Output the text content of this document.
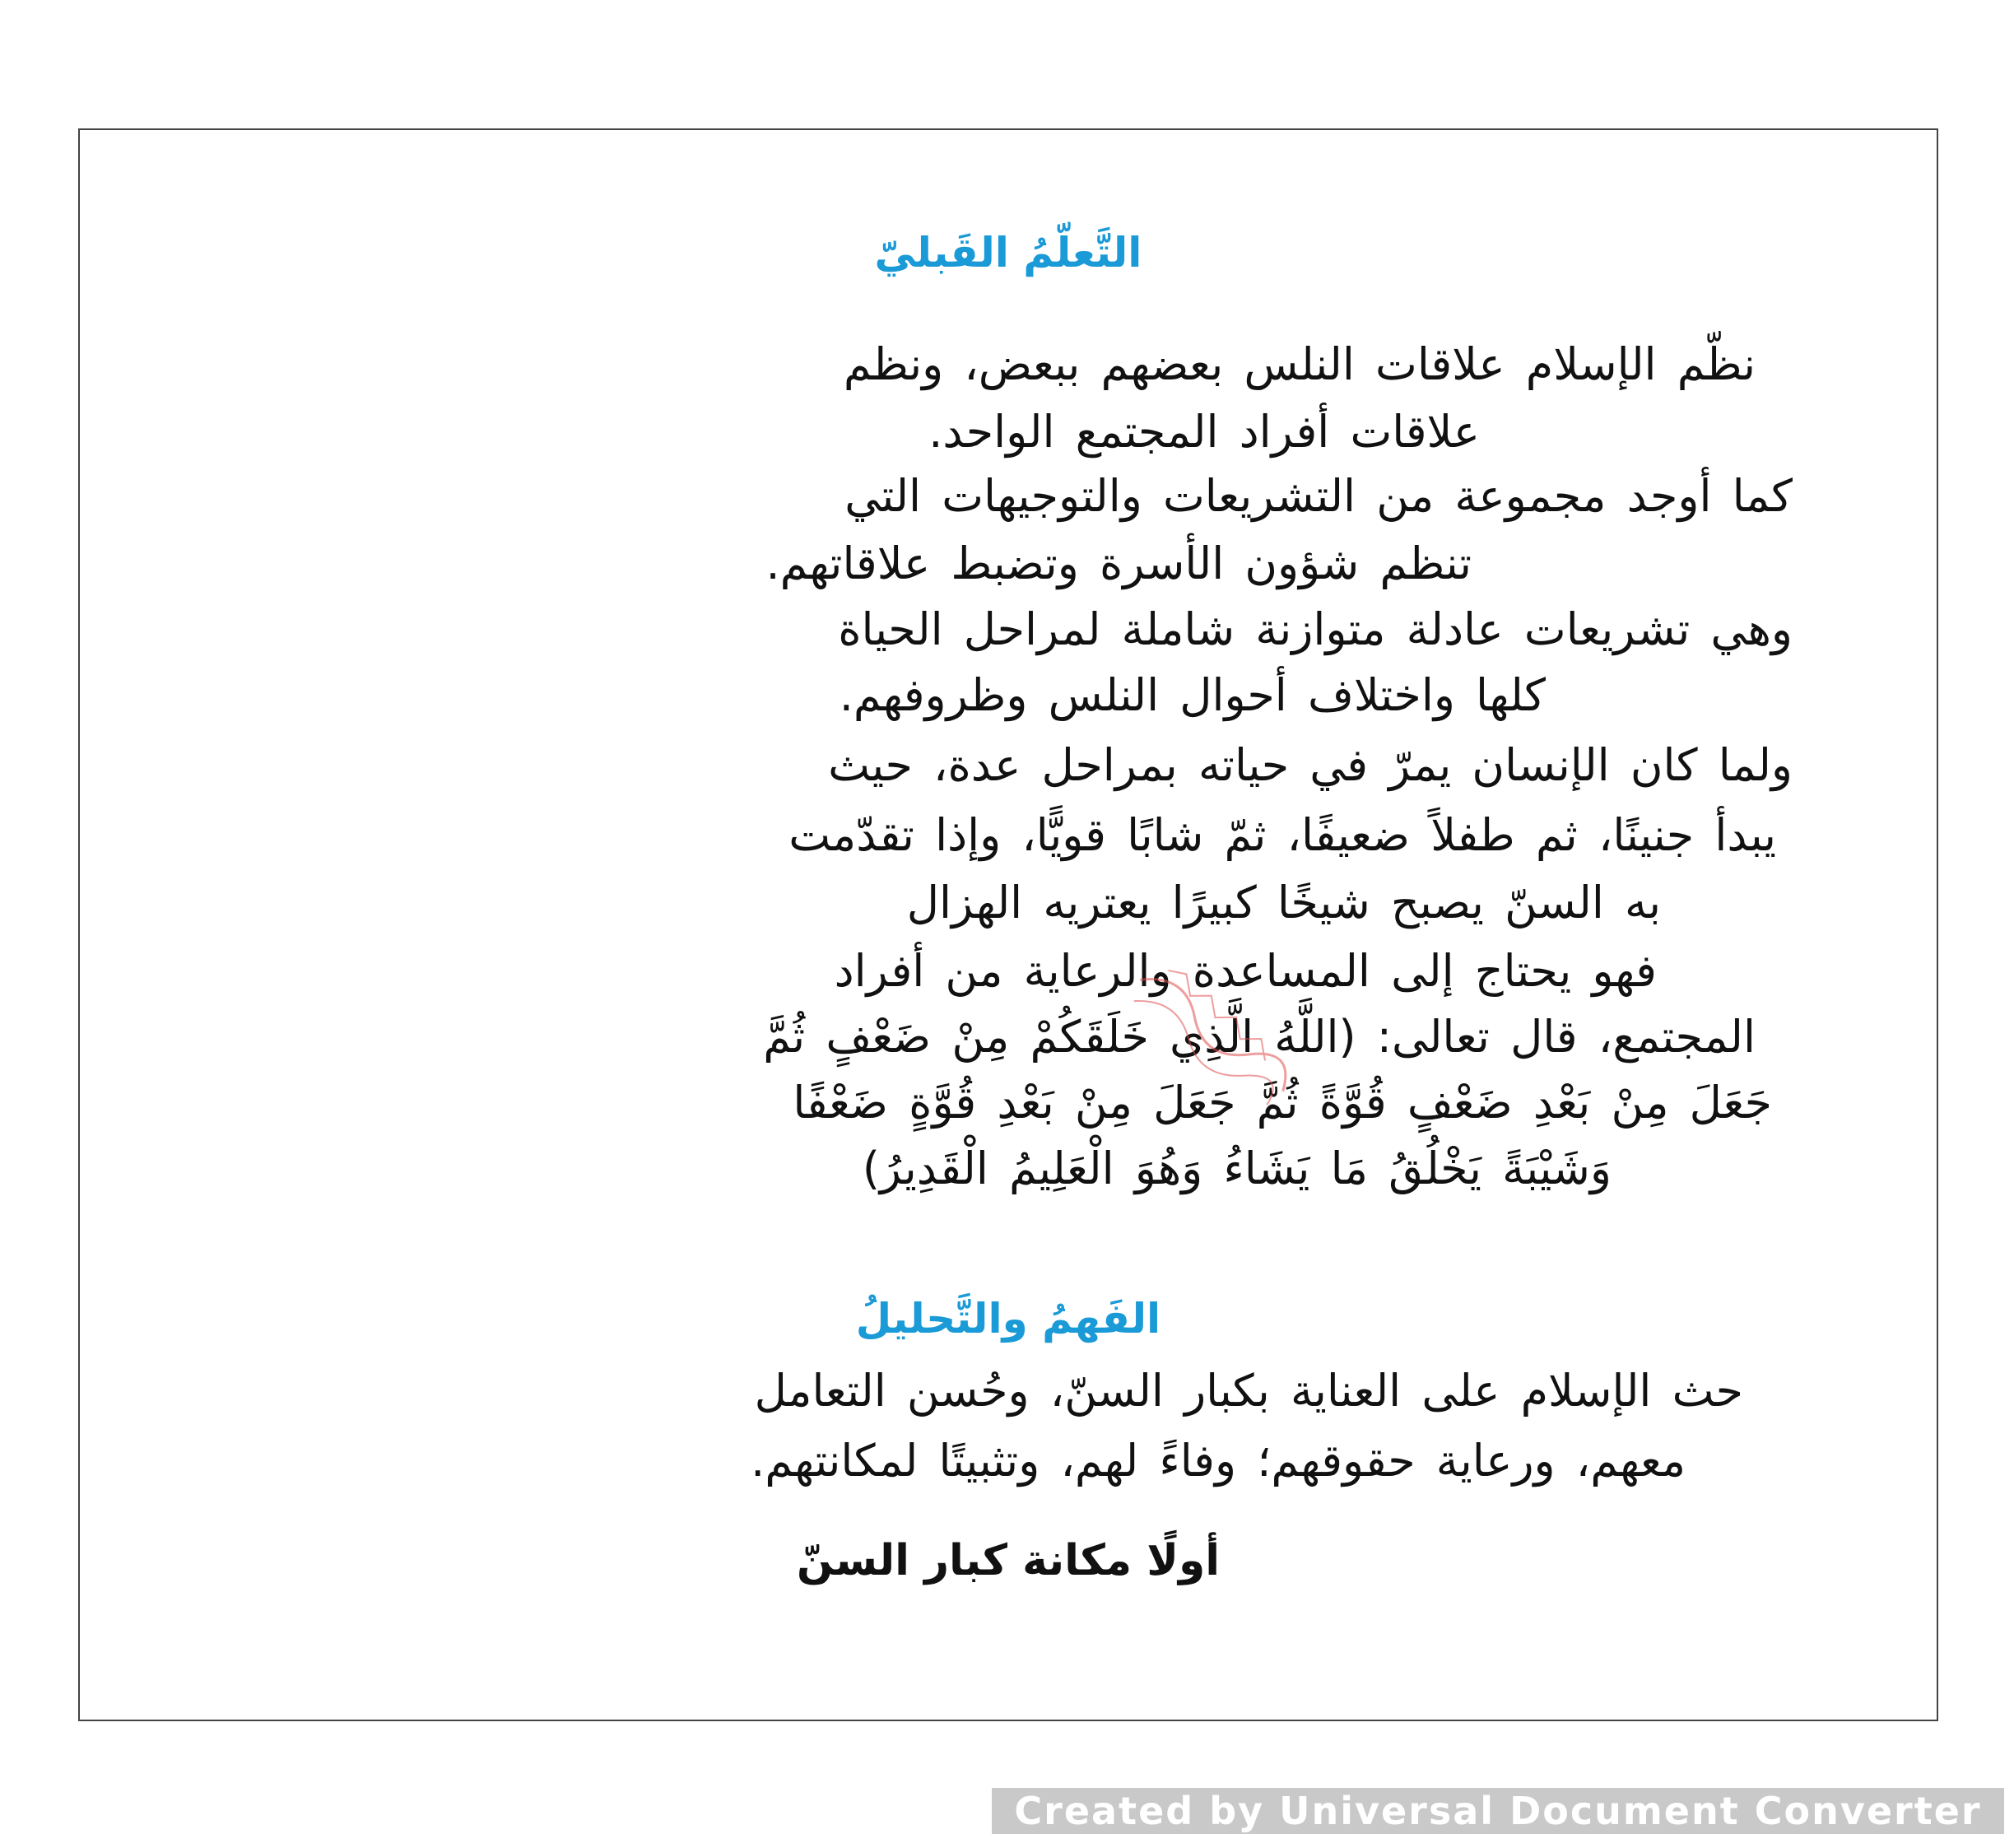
التَّعلّمُ القَبليّ
نظّم الإسلام علاقات النلس بعضهم ببعض، ونظم
علاقات أفراد المجتمع الواحد.
كما أوجد مجموعة من التشريعات والتوجيهات التي
تنظم شؤون الأسرة وتضبط علاقاتهم.
وهي تشريعات عادلة متوازنة شاملة لمراحل الحياة
كلها واختلاف أحوال النلس وظروفهم.
ولما كان الإنسان يمرّ في حياته بمراحل عدة، حيث
يبدأ جنينًا، ثم طفلاً ضعيفًا، ثمّ شابًا قويًّا، وإذا تقدّمت
به السنّ يصبح شيخًا كبيرًا يعتريه الهزال
فهو يحتاج إلى المساعدة والرعاية من أفراد
المجتمع، قال تعالى: (اللَّهُ الَّذِي خَلَقَكُمْ مِنْ ضَعْفٍ ثُمَّ
جَعَلَ مِنْ بَعْدِ ضَعْفٍ قُوَّةً ثُمَّ جَعَلَ مِنْ بَعْدِ قُوَّةٍ ضَعْفًا
وَشَيْبَةً يَخْلُقُ مَا يَشَاءُ وَهُوَ الْعَلِيمُ الْقَدِيرُ)
الفَهمُ والتَّحليلُ
حث الإسلام على العناية بكبار السنّ، وحُسن التعامل
معهم، ورعاية حقوقهم؛ وفاءً لهم، وتثبيتًا لمكانتهم.
أولًا مكانة كبار السنّ
Created by Universal Document Converter
